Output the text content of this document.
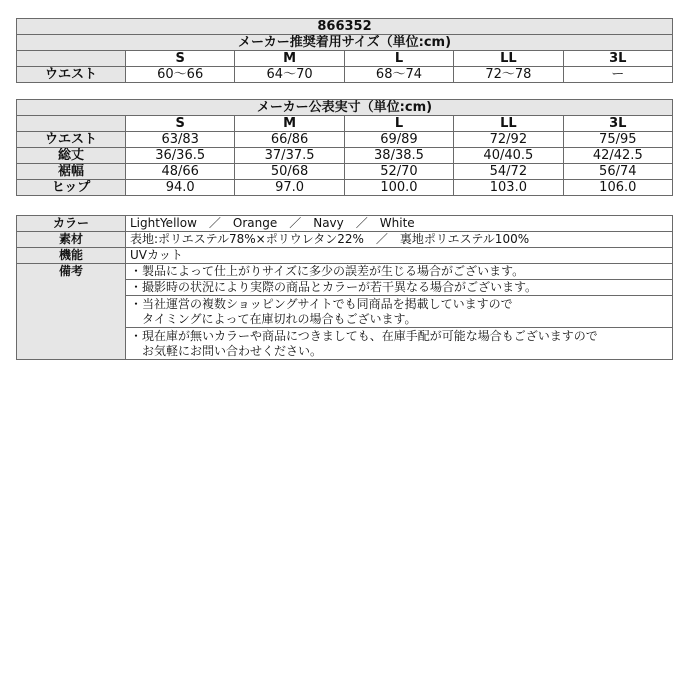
866352					
メーカー推奨着用サイズ（単位:cm)					
	S	M	L	LL	3L
ウエスト	60〜66	64〜70	68〜74	72〜78	ー
メーカー公表実寸（単位:cm)					
	S	M	L	LL	3L
ウエスト	63/83	66/86	69/89	72/92	75/95
総丈	36/36.5	37/37.5	38/38.5	40/40.5	42/42.5
裾幅	48/66	50/68	52/70	54/72	56/74
ヒップ	94.0	97.0	100.0	103.0	106.0
カラー	LightYellow　／　Orange　／　Navy　／　White
素材	表地:ポリエステル78%×ポリウレタン22%　／　裏地ポリエステル100%
機能	UVカット
備考	・製品によって仕上がりサイズに多少の誤差が生じる場合がございます。

	・撮影時の状況により実際の商品とカラーが若干異なる場合がございます。

	・当社運営の複数ショッピングサイトでも同商品を掲載していますので
　タイミングによって在庫切れの場合もございます。

	・現在庫が無いカラーや商品につきましても、在庫手配が可能な場合もございますので
　お気軽にお問い合わせください。
